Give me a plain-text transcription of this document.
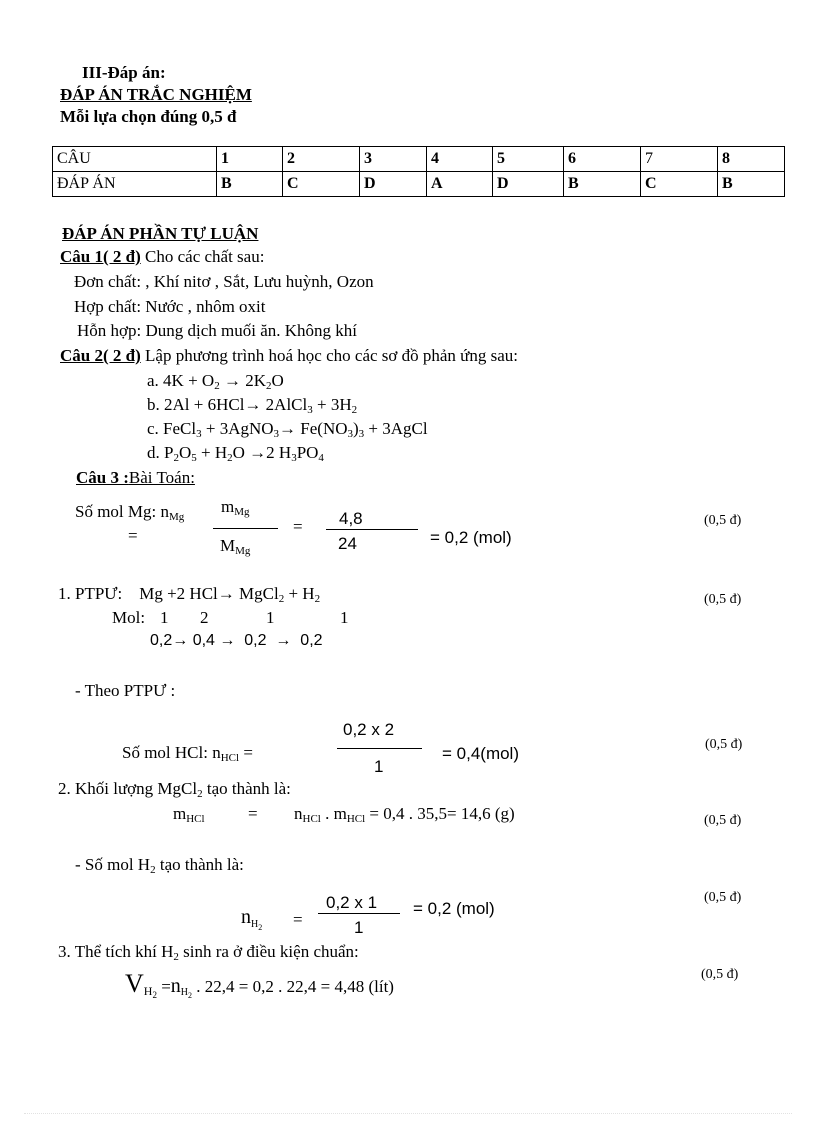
III-Đáp án:
ĐÁP ÁN TRẮC NGHIỆM
Mỗi lựa chọn đúng 0,5 đ
CÂU	1	2	3	4	5	6	7	8
ĐÁP ÁN	B	C	D	A	D	B	C	B
ĐÁP ÁN PHẦN TỰ LUẬN
Câu 1( 2 đ) Cho các chất sau:
Đơn chất: , Khí nitơ , Sắt, Lưu huỳnh, Ozon
Hợp chất: Nước , nhôm oxit
Hỗn hợp: Dung dịch muối ăn. Không khí
Câu 2( 2 đ) Lập phương trình hoá học cho các sơ đồ phản ứng sau:
a. $4K + O_2 \to 2K_2O$
b. 2Al + 6HCl→ 2AlCl$_3$ + $3H_2$
c. FeCl$_3$ + 3AgNO$_3$→ $Fe(NO_3)_3$ + 3AgCl
d. $P_2O_5 + H_2O \to 2$ $H_3PO_4$
Câu 3 :Bài Toán:
Số mol Mg: $n_{Mg}$
=
$m_{Mg}$
$M_{Mg}$
= 4,8
24	= 0,2 (mol)
(0,5 đ)
1. PTPƯ:    Mg +2 HCl→ MgCl$_2$ + $H_2$	(0,5 đ)
Mol: 1 2	1	1
0,2→ 0,4 →  0,2  →  0,2
- Theo PTPƯ :
0,2 x 2
1
Số mol HCl: $n_{HCl}$ =	= 0,4(mol)	(0,5 đ)
2. Khối lượng MgCl$_2$ tạo thành là:
$m_{HCl}$	= $n_{HCl}$ . $m_{HCl} = 0,4$ . 35,5= 14,6 (g)	(0,5 đ)
- Số mol $H_2$ tạo thành là:
$n_{H_2}$ =
0,2 x 1
1
= 0,2 (mol)
(0,5 đ)
3. Thể tích khí $H_2$ sinh ra ở điều kiện chuẩn:
$V_{H_2} =n_{H_2}$ . 22,4 = 0,2 . 22,4 = 4,48 (lít)
(0,5 đ)
